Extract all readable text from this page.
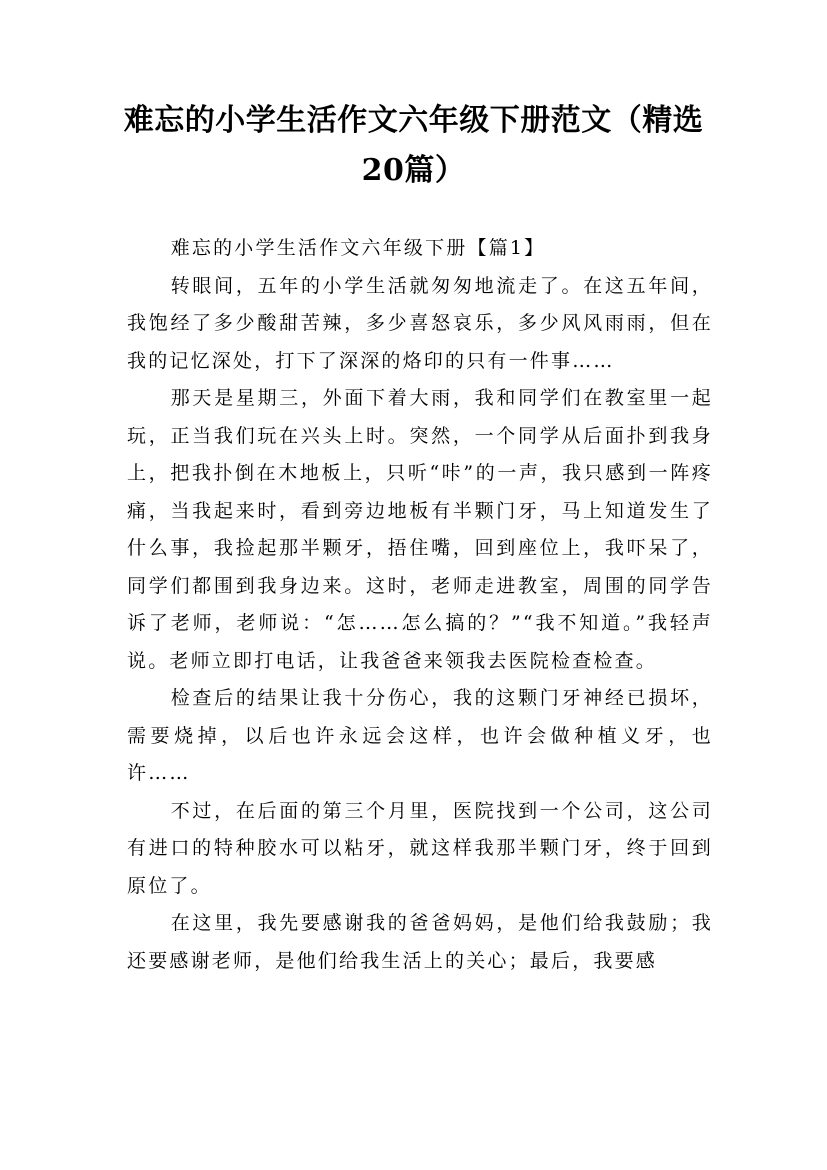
难忘的小学生活作文六年级下册范文（精选20篇）

难忘的小学生活作文六年级下册【篇1】

转眼间，五年的小学生活就匆匆地流走了。在这五年间，我饱经了多少酸甜苦辣，多少喜怒哀乐，多少风风雨雨，但在我的记忆深处，打下了深深的烙印的只有一件事……

那天是星期三，外面下着大雨，我和同学们在教室里一起玩，正当我们玩在兴头上时。突然，一个同学从后面扑到我身上，把我扑倒在木地板上，只听“咔”的一声，我只感到一阵疼痛，当我起来时，看到旁边地板有半颗门牙，马上知道发生了什么事，我捡起那半颗牙，捂住嘴，回到座位上，我吓呆了，同学们都围到我身边来。这时，老师走进教室，周围的同学告诉了老师，老师说：“怎……怎么搞的？”“我不知道。”我轻声说。老师立即打电话，让我爸爸来领我去医院检查检查。

检查后的结果让我十分伤心，我的这颗门牙神经已损坏，需要烧掉，以后也许永远会这样，也许会做种植义牙，也许……

不过，在后面的第三个月里，医院找到一个公司，这公司有进口的特种胶水可以粘牙，就这样我那半颗门牙，终于回到原位了。

在这里，我先要感谢我的爸爸妈妈，是他们给我鼓励；我还要感谢老师，是他们给我生活上的关心；最后，我要感
